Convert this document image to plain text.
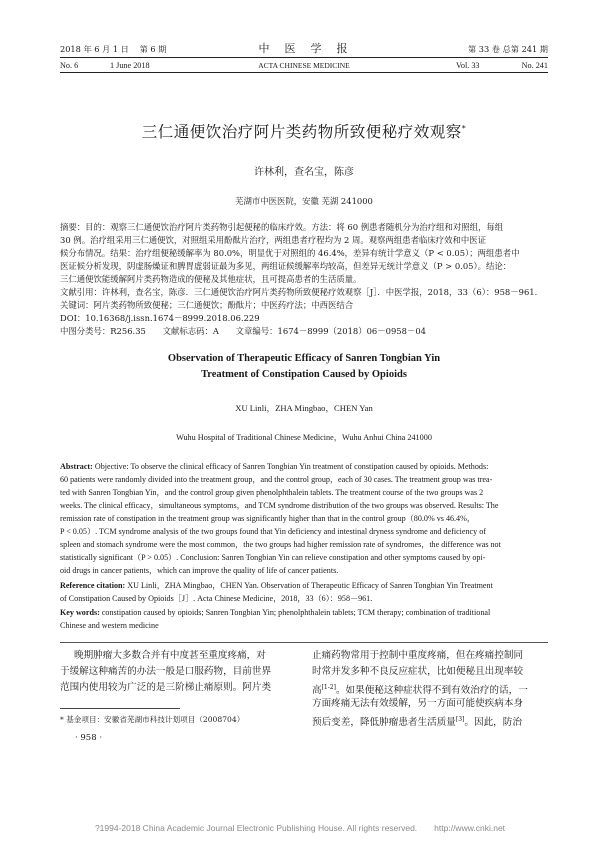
2018 年 6 月 1 日　 第 6 期	中　医　学　报	第 33 卷 总第 241 期
No. 6	1 June 2018	ACTA CHINESE MEDICINE	Vol. 33	No. 241
三仁通便饮治疗阿片类药物所致便秘疗效观察*
许林利，查名宝，陈彦
芜湖市中医医院，安徽 芜湖 241000
摘要：目的：观察三仁通便饮治疗阿片类药物引起便秘的临床疗效。方法：将 60 例患者随机分为治疗组和对照组，每组
30 例。治疗组采用三仁通便饮，对照组采用酚酞片治疗，两组患者疗程均为 2 周。观察两组患者临床疗效和中医证
候分布情况。结果：治疗组便秘缓解率为 80.0%，明显优于对照组的 46.4%，差异有统计学意义（P < 0.05）；两组患者中
医证候分析发现，阴虚肠燥证和脾胃虚弱证最为多见，两组证候缓解率均较高，但差异无统计学意义（P > 0.05）。结论：
三仁通便饮能缓解阿片类药物造成的便秘及其他症状，且可提高患者的生活质量。
文献引用：许林利，查名宝，陈彦．三仁通便饮治疗阿片类药物所致便秘疗效观察［J］．中医学报，2018，33（6）：958－961．
关键词：阿片类药物所致便秘；三仁通便饮；酚酞片；中医药疗法；中西医结合
DOI：10.16368/j.issn.1674－8999.2018.06.229
中图分类号：R256.35　　文献标志码：A　　文章编号：1674－8999（2018）06－0958－04
Observation of Therapeutic Efficacy of Sanren Tongbian Yin
Treatment of Constipation Caused by Opioids
XU Linli，ZHA Mingbao，CHEN Yan
Wuhu Hospital of Traditional Chinese Medicine，Wuhu Anhui China 241000
Abstract: Objective: To observe the clinical efficacy of Sanren Tongbian Yin treatment of constipation caused by opioids. Methods:
60 patients were randomly divided into the treatment group，and the control group，each of 30 cases. The treatment group was trea-
ted with Sanren Tongbian Yin，and the control group given phenolphthalein tablets. The treatment course of the two groups was 2
weeks. The clinical efficacy，simultaneous symptoms，and TCM syndrome distribution of the two groups was observed. Results: The
remission rate of constipation in the treatment group was significantly higher than that in the control group（80.0% vs 46.4%，
P < 0.05）. TCM syndrome analysis of the two groups found that Yin deficiency and intestinal dryness syndrome and deficiency of
spleen and stomach syndrome were the most common，the two groups had higher remission rate of syndromes，the difference was not
statistically significant（P > 0.05）. Conclusion: Sanren Tongbian Yin can relieve constipation and other symptoms caused by opi-
oid drugs in cancer patients，which can improve the quality of life of cancer patients.
Reference citation: XU Linli，ZHA Mingbao，CHEN Yan. Observation of Therapeutic Efficacy of Sanren Tongbian Yin Treatment
of Constipation Caused by Opioids［J］. Acta Chinese Medicine，2018，33（6）：958－961.
Key words: constipation caused by opioids; Sanren Tongbian Yin; phenolphthalein tablets; TCM therapy; combination of traditional
Chinese and western medicine
晚期肿瘤大多数合并有中度甚至重度疼痛，对
于缓解这种痛苦的办法一般是口服药物，目前世界
范围内使用较为广泛的是三阶梯止痛原则。阿片类
止痛药物常用于控制中重度疼痛，但在疼痛控制同
时常并发多种不良反应症状，比如便秘且出现率较
高[1-2]。如果便秘这种症状得不到有效治疗的话，一
方面疼痛无法有效缓解，另一方面可能使疾病本身
预后变差，降低肿瘤患者生活质量[3]。因此，防治
* 基金项目：安徽省芜湖市科技计划项目（2008704）
· 958 ·
?1994-2018 China Academic Journal Electronic Publishing House. All rights reserved.　　http://www.cnki.net
